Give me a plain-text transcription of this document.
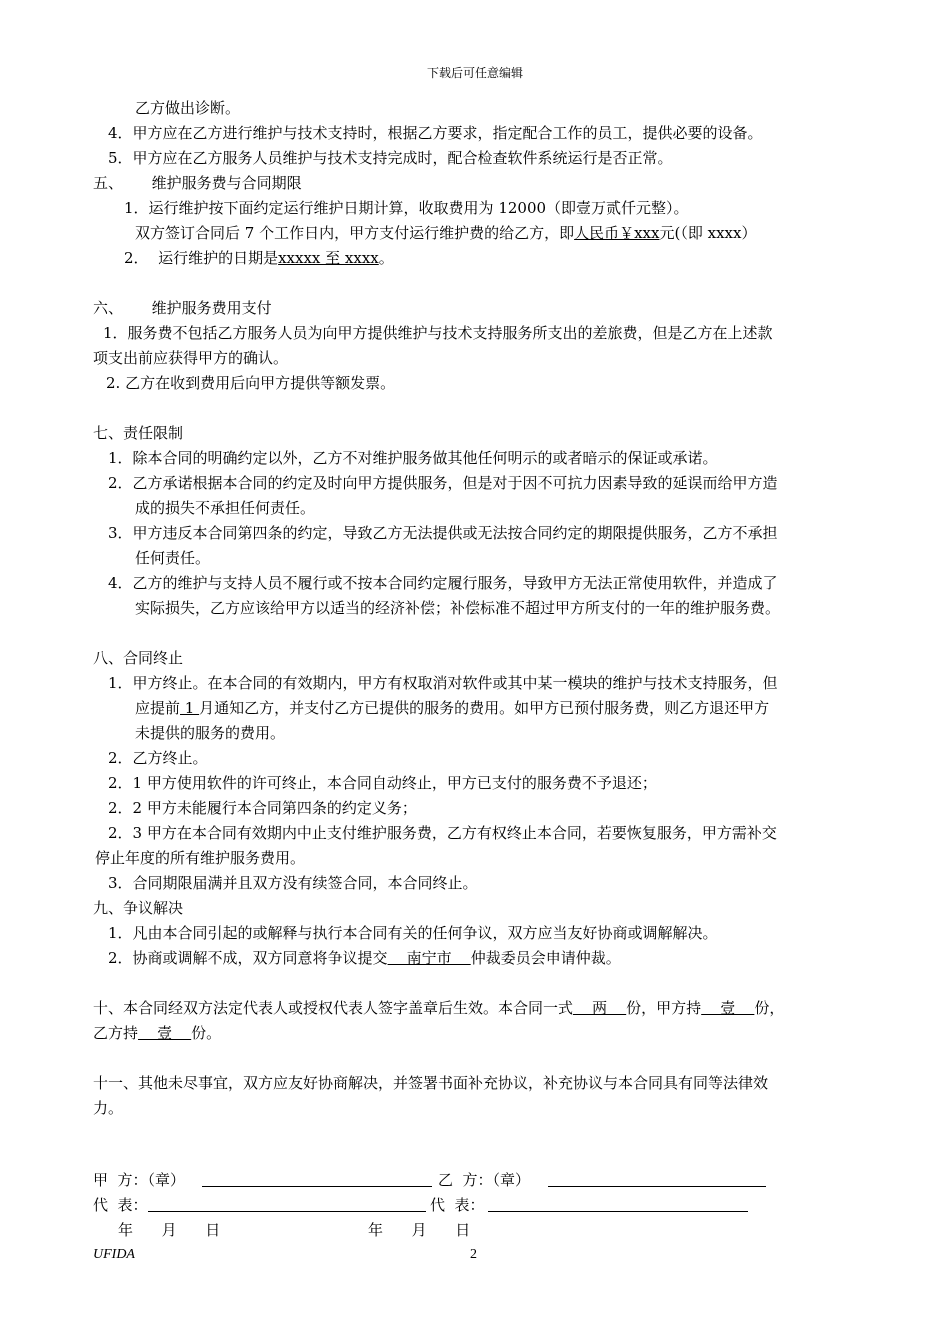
下载后可任意编辑
乙方做出诊断。
4．甲方应在乙方进行维护与技术支持时，根据乙方要求，指定配合工作的员工，提供必要的设备。
5．甲方应在乙方服务人员维护与技术支持完成时，配合检查软件系统运行是否正常。
五、      维护服务费与合同期限
1．运行维护按下面约定运行维护日期计算，收取费用为 12000（即壹万贰仟元整）。
双方签订合同后 7 个工作日内，甲方支付运行维护费的给乙方，即人民币￥xxx元(（即 xxxx）
2．  运行维护的日期是xxxxx 至 xxxx。
六、      维护服务费用支付
1．服务费不包括乙方服务人员为向甲方提供维护与技术支持服务所支出的差旅费，但是乙方在上述款
项支出前应获得甲方的确认。
2. 乙方在收到费用后向甲方提供等额发票。
七、责任限制
1．除本合同的明确约定以外，乙方不对维护服务做其他任何明示的或者暗示的保证或承诺。
2．乙方承诺根据本合同的约定及时向甲方提供服务，但是对于因不可抗力因素导致的延误而给甲方造
成的损失不承担任何责任。
3．甲方违反本合同第四条的约定，导致乙方无法提供或无法按合同约定的期限提供服务，乙方不承担
任何责任。
4．乙方的维护与支持人员不履行或不按本合同约定履行服务，导致甲方无法正常使用软件，并造成了
实际损失，乙方应该给甲方以适当的经济补偿；补偿标准不超过甲方所支付的一年的维护服务费。
八、合同终止
1．甲方终止。在本合同的有效期内，甲方有权取消对软件或其中某一模块的维护与技术支持服务，但
应提前 1 月通知乙方，并支付乙方已提供的服务的费用。如甲方已预付服务费，则乙方退还甲方
未提供的服务的费用。
2．乙方终止。
2．1 甲方使用软件的许可终止，本合同自动终止，甲方已支付的服务费不予退还；
2．2 甲方未能履行本合同第四条的约定义务；
2．3 甲方在本合同有效期内中止支付维护服务费，乙方有权终止本合同，若要恢复服务，甲方需补交
停止年度的所有维护服务费用。
3．合同期限届满并且双方没有续签合同，本合同终止。
九、争议解决
1．凡由本合同引起的或解释与执行本合同有关的任何争议，双方应当友好协商或调解解决。
2．协商或调解不成，双方同意将争议提交    南宁市    仲裁委员会申请仲裁。
十、本合同经双方法定代表人或授权代表人签字盖章后生效。本合同一式    两    份，甲方持    壹    份，
乙方持    壹    份。
十一、其他未尽事宜，双方应友好协商解决，并签署书面补充协议，补充协议与本合同具有同等法律效
力。
甲  方：（章）	乙  方：（章）
代  表：	代  表：
年      月      日	年      月      日
UFIDA	2
